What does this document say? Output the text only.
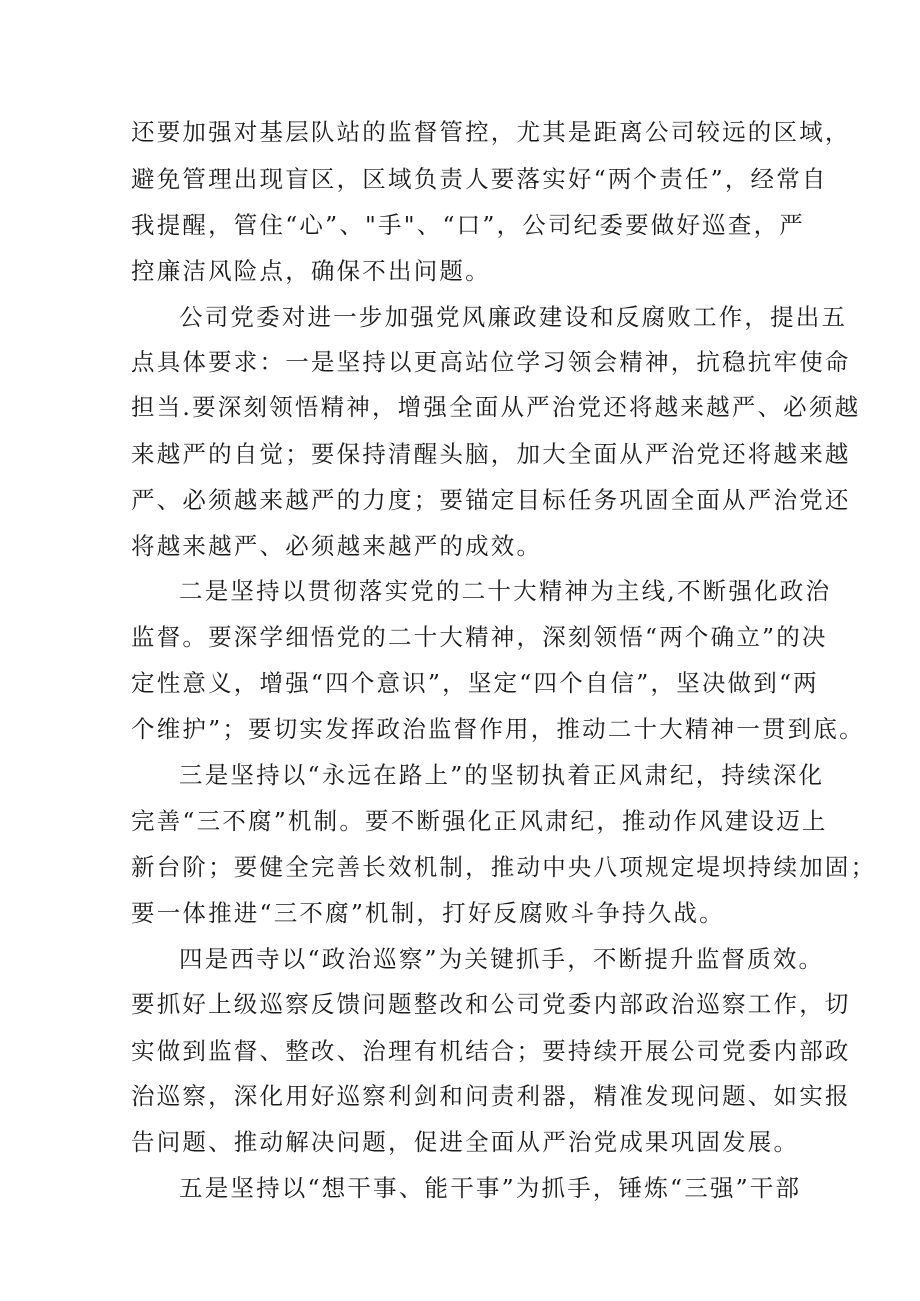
还要加强对基层队站的监督管控，尤其是距离公司较远的区域，
避免管理出现盲区，区域负责人要落实好“两个责任”，经常自
我提醒，管住“心”、"手"、“口”，公司纪委要做好巡查，严
控廉洁风险点，确保不出问题。
公司党委对进一步加强党风廉政建设和反腐败工作，提出五
点具体要求：一是坚持以更高站位学习领会精神，抗稳抗牢使命
担当.要深刻领悟精神，增强全面从严治党还将越来越严、必须越
来越严的自觉；要保持清醒头脑，加大全面从严治党还将越来越
严、必须越来越严的力度；要锚定目标任务巩固全面从严治党还
将越来越严、必须越来越严的成效。
二是坚持以贯彻落实党的二十大精神为主线,不断强化政治
监督。要深学细悟党的二十大精神，深刻领悟“两个确立”的决
定性意义，增强“四个意识”，坚定“四个自信”，坚决做到“两
个维护”；要切实发挥政治监督作用，推动二十大精神一贯到底。
三是坚持以“永远在路上”的坚韧执着正风肃纪，持续深化
完善“三不腐”机制。要不断强化正风肃纪，推动作风建设迈上
新台阶；要健全完善长效机制，推动中央八项规定堤坝持续加固；
要一体推进“三不腐”机制，打好反腐败斗争持久战。
四是西寺以“政治巡察”为关键抓手，不断提升监督质效。
要抓好上级巡察反馈问题整改和公司党委内部政治巡察工作，切
实做到监督、整改、治理有机结合；要持续开展公司党委内部政
治巡察，深化用好巡察利剑和问责利器，精准发现问题、如实报
告问题、推动解决问题，促进全面从严治党成果巩固发展。
五是坚持以“想干事、能干事”为抓手，锤炼“三强”干部
